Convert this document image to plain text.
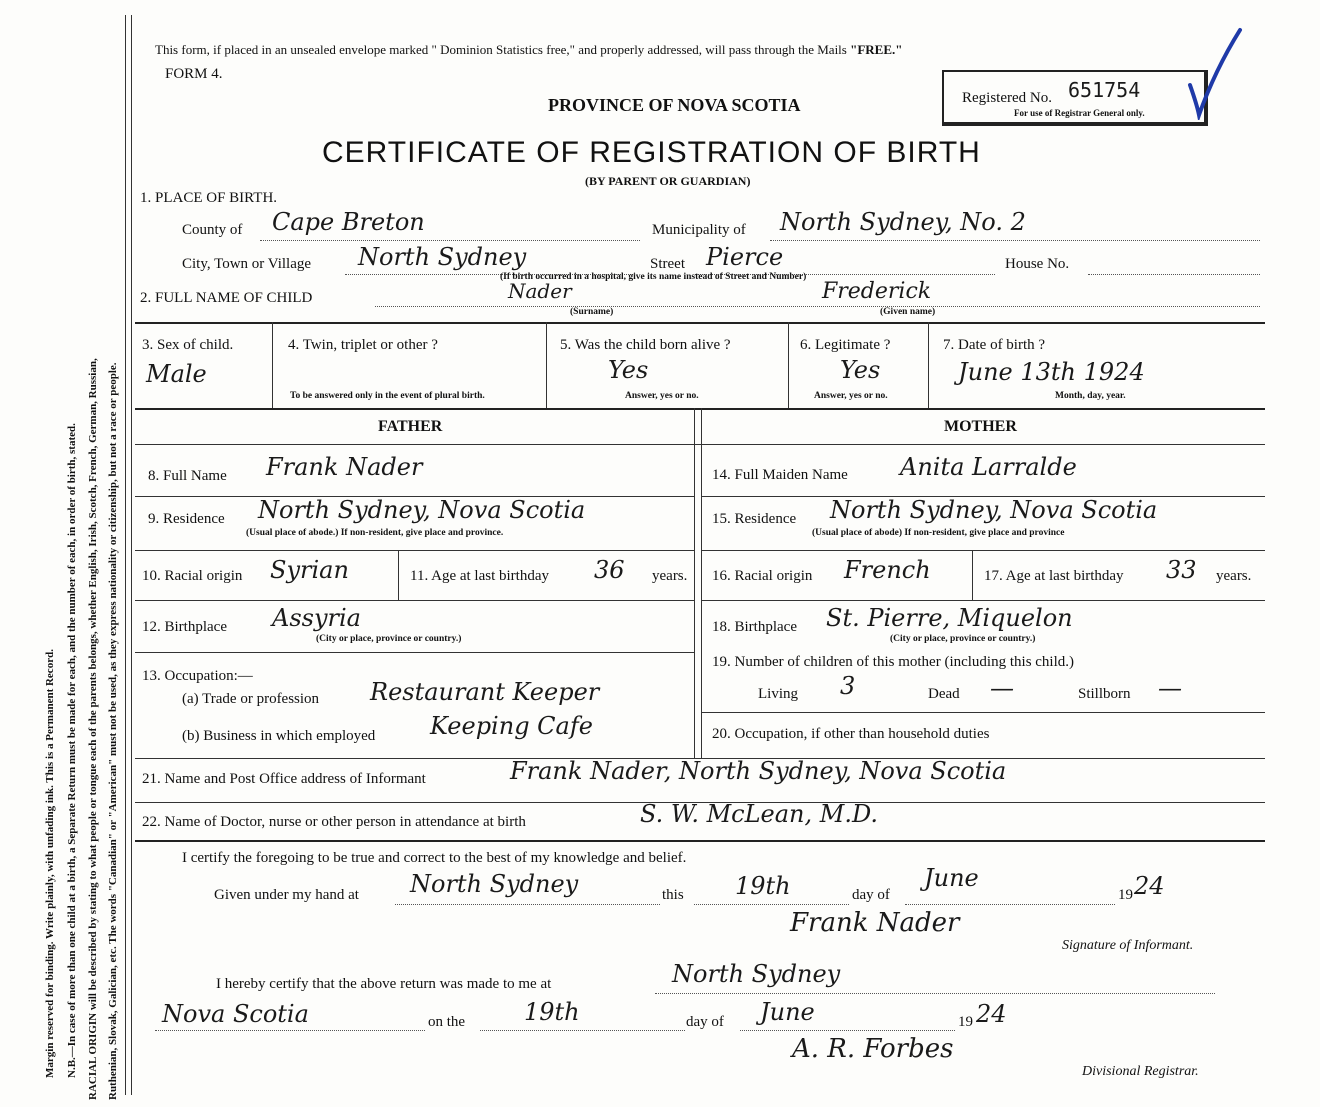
Margin reserved for binding. Write plainly, with unfading ink. This is a Permanent Record. N.B.—In case of more than one child at a birth, a Separate Return must be made for each, and the number of each, in order of birth, stated. RACIAL ORIGIN will be described by stating to what people or tongue each of the parents belongs, whether English, Irish, Scotch, French, German, Russian, Ruthenian, Slovak, Galician, etc. The words "Canadian" or "American" must not be used, as they express nationality or citizenship, but not a race or people.
This form, if placed in an unsealed envelope marked " Dominion Statistics free," and properly addressed, will pass through the Mails "FREE."
FORM 4.
PROVINCE OF NOVA SCOTIA
CERTIFICATE OF REGISTRATION OF BIRTH
(BY PARENT OR GUARDIAN)
Registered No. 651754
For use of Registrar General only.
1. PLACE OF BIRTH.
County of Cape Breton	Municipality of North Sydney, No. 2
City, Town or Village North Sydney	Street Pierce	House No.
(If birth occurred in a hospital, give its name instead of Street and Number)
2. FULL NAME OF CHILD	Nader
(Surname)
Frederick
(Given name)
3. Sex of child.
Male
4. Twin, triplet or other ?
To be answered only in the event of plural birth.
5. Was the child born alive ?
Yes
Answer, yes or no.
6. Legitimate ?
Yes
Answer, yes or no.
7. Date of birth ?
June 13th 1924
Month, day, year.
FATHER	MOTHER
8. Full Name Frank Nader
9. Residence North Sydney, Nova Scotia
(Usual place of abode.) If non-resident, give place and province.
10. Racial origin Syrian	11. Age at last birthday 36 years.
12. Birthplace Assyria
(City or place, province or country.)
13. Occupation:—
(a) Trade or profession Restaurant Keeper
(b) Business in which employed Keeping Cafe
14. Full Maiden Name Anita Larralde
15. Residence North Sydney, Nova Scotia
(Usual place of abode) If non-resident, give place and province
16. Racial origin French	17. Age at last birthday 33 years.
18. Birthplace St. Pierre, Miquelon
(City or place, province or country.)
19. Number of children of this mother (including this child.)
Living 3	Dead —	Stillborn —
20. Occupation, if other than household duties
21. Name and Post Office address of Informant	Frank Nader, North Sydney, Nova Scotia
22. Name of Doctor, nurse or other person in attendance at birth	S. W. McLean, M.D.
I certify the foregoing to be true and correct to the best of my knowledge and belief.
Given under my hand at North Sydney	this 19th	day of
June
19 24
Frank Nader
Signature of Informant.
I hereby certify that the above return was made to me at	North Sydney
Nova Scotia	on the 19th	day of June	19 24
A. R. Forbes
Divisional Registrar.
